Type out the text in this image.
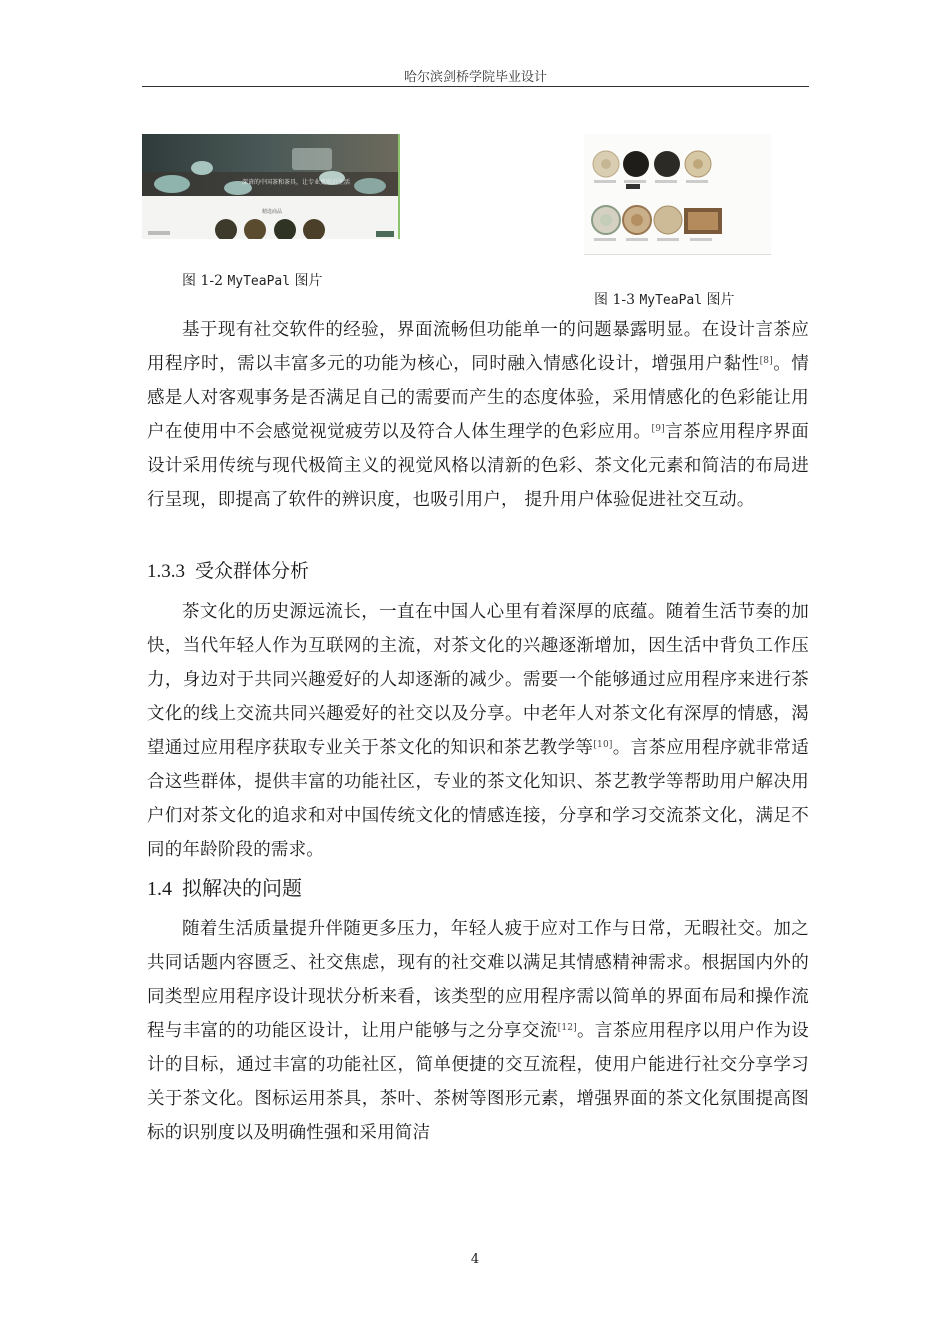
哈尔滨剑桥学院毕业设计
深谙的中国茶和茶具，让专业更贴近生活
精选商品
图 1-2 MyTeaPal 图片
图 1-3 MyTeaPal 图片

基于现有社交软件的经验，界面流畅但功能单一的问题暴露明显。在设计言茶应用程序时，需以丰富多元的功能为核心，同时融入情感化设计，增强用户黏性[8]。情感是人对客观事务是否满足自己的需要而产生的态度体验，采用情感化的色彩能让用户在使用中不会感觉视觉疲劳以及符合人体生理学的色彩应用。[9]言茶应用程序界面设计采用传统与现代极简主义的视觉风格以清新的色彩、茶文化元素和简洁的布局进行呈现，即提高了软件的辨识度，也吸引用户， 提升用户体验促进社交互动。

1.3.3 受众群体分析

茶文化的历史源远流长，一直在中国人心里有着深厚的底蕴。随着生活节奏的加快，当代年轻人作为互联网的主流，对茶文化的兴趣逐渐增加，因生活中背负工作压力，身边对于共同兴趣爱好的人却逐渐的减少。需要一个能够通过应用程序来进行茶文化的线上交流共同兴趣爱好的社交以及分享。中老年人对茶文化有深厚的情感，渴望通过应用程序获取专业关于茶文化的知识和茶艺教学等[10]。言茶应用程序就非常适合这些群体，提供丰富的功能社区，专业的茶文化知识、茶艺教学等帮助用户解决用户们对茶文化的追求和对中国传统文化的情感连接，分享和学习交流茶文化，满足不同的年龄阶段的需求。

1.4 拟解决的问题

随着生活质量提升伴随更多压力，年轻人疲于应对工作与日常，无暇社交。加之共同话题内容匮乏、社交焦虑，现有的社交难以满足其情感精神需求。根据国内外的同类型应用程序设计现状分析来看，该类型的应用程序需以简单的界面布局和操作流程与丰富的的功能区设计，让用户能够与之分享交流[12]。言茶应用程序以用户作为设计的目标，通过丰富的功能社区，简单便捷的交互流程，使用户能进行社交分享学习关于茶文化。图标运用茶具，茶叶、茶树等图形元素，增强界面的茶文化氛围提高图标的识别度以及明确性强和采用简洁

4
